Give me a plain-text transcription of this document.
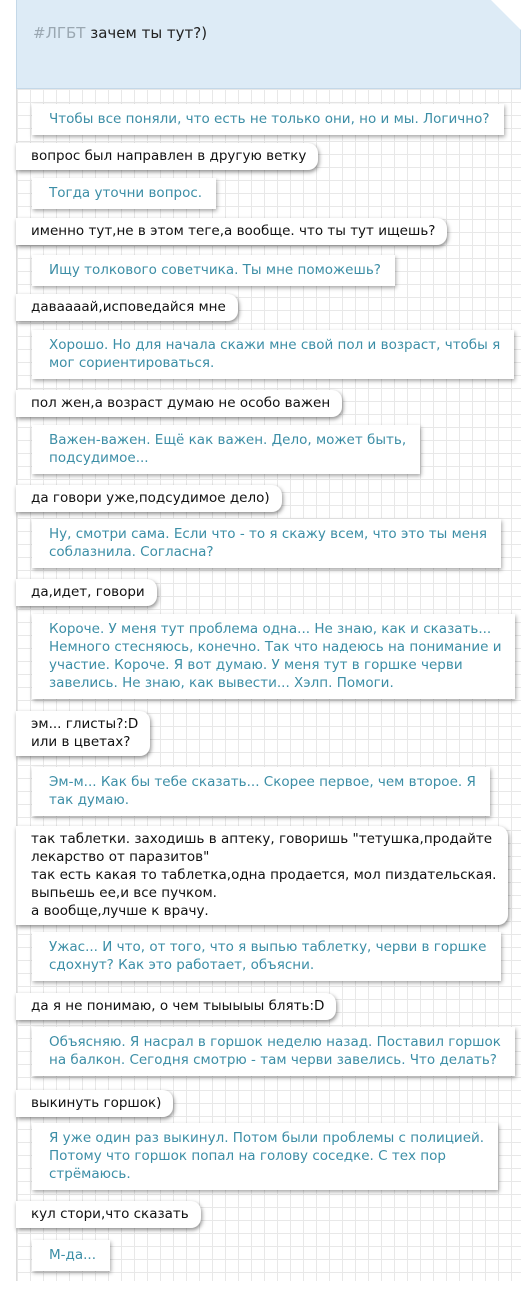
#ЛГБТ зачем ты тут?)
Чтобы все поняли, что есть не только они, но и мы. Логично?
вопрос был направлен в другую ветку
Тогда уточни вопрос.
именно тут,не в этом теге,а вообще. что ты тут ищешь?
Ищу толкового советчика. Ты мне поможешь?
даваааай,исповедайся мне
Хорошо. Но для начала скажи мне свой пол и возраст, чтобы я
мог сориентироваться.
пол жен,а возраст думаю не особо важен
Важен-важен. Ещё как важен. Дело, может быть,
подсудимое...
да говори уже,подсудимое дело)
Ну, смотри сама. Если что - то я скажу всем, что это ты меня
соблазнила. Согласна?
да,идет, говори
Короче. У меня тут проблема одна... Не знаю, как и сказать...
Немного стесняюсь, конечно. Так что надеюсь на понимание и
участие. Короче. Я вот думаю. У меня тут в горшке черви
завелись. Не знаю, как вывести... Хэлп. Помоги.
эм... глисты?:D
или в цветах?
Эм-м... Как бы тебе сказать... Скорее первое, чем второе. Я
так думаю.
так таблетки. заходишь в аптеку, говоришь "тетушка,продайте
лекарство от паразитов"
так есть какая то таблетка,одна продается, мол пиздательская.
выпьешь ее,и все пучком.
а вообще,лучше к врачу.
Ужас... И что, от того, что я выпью таблетку, черви в горшке
сдохнут? Как это работает, объясни.
да я не понимаю, о чем тыыыыы блять:D
Объясняю. Я насрал в горшок неделю назад. Поставил горшок
на балкон. Сегодня смотрю - там черви завелись. Что делать?
выкинуть горшок)
Я уже один раз выкинул. Потом были проблемы с полицией.
Потому что горшок попал на голову соседке. С тех пор
стрёмаюсь.
кул стори,что сказать
М-да...
